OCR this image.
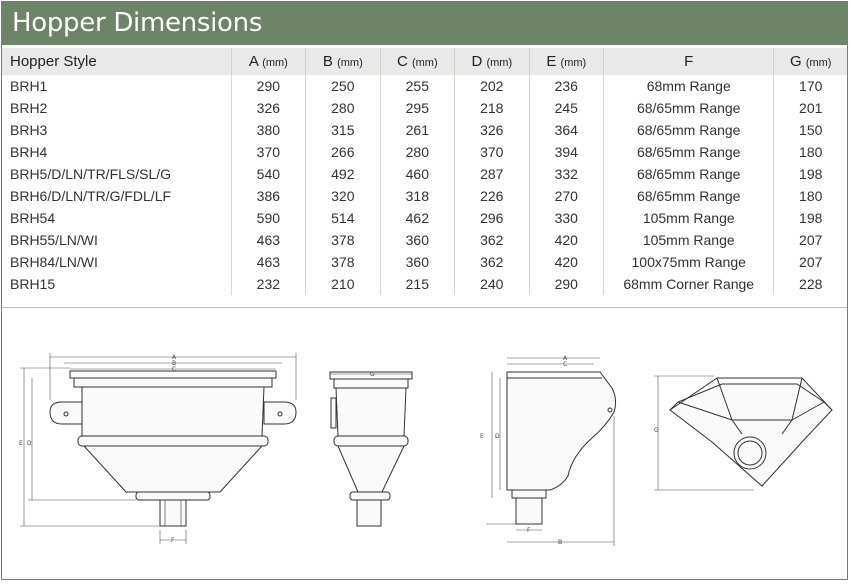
Hopper Dimensions
Hopper Style	A (mm)	B (mm)	C (mm)	D (mm)	E (mm)	F	G (mm)
BRH1	290	250	255	202	236	68mm Range	170
BRH2	326	280	295	218	245	68/65mm Range	201
BRH3	380	315	261	326	364	68/65mm Range	150
BRH4	370	266	280	370	394	68/65mm Range	180
BRH5/D/LN/TR/FLS/SL/G	540	492	460	287	332	68/65mm Range	198
BRH6/D/LN/TR/G/FDL/LF	386	320	318	226	270	68/65mm Range	180
BRH54	590	514	462	296	330	105mm Range	198
BRH55/LN/WI	463	378	360	362	420	105mm Range	207
BRH84/LN/WI	463	378	360	362	420	100x75mm Range	207
BRH15	232	210	215	240	290	68mm Corner Range	228
A
B
C
E D
F
G
A
C
E D
F
B
G
